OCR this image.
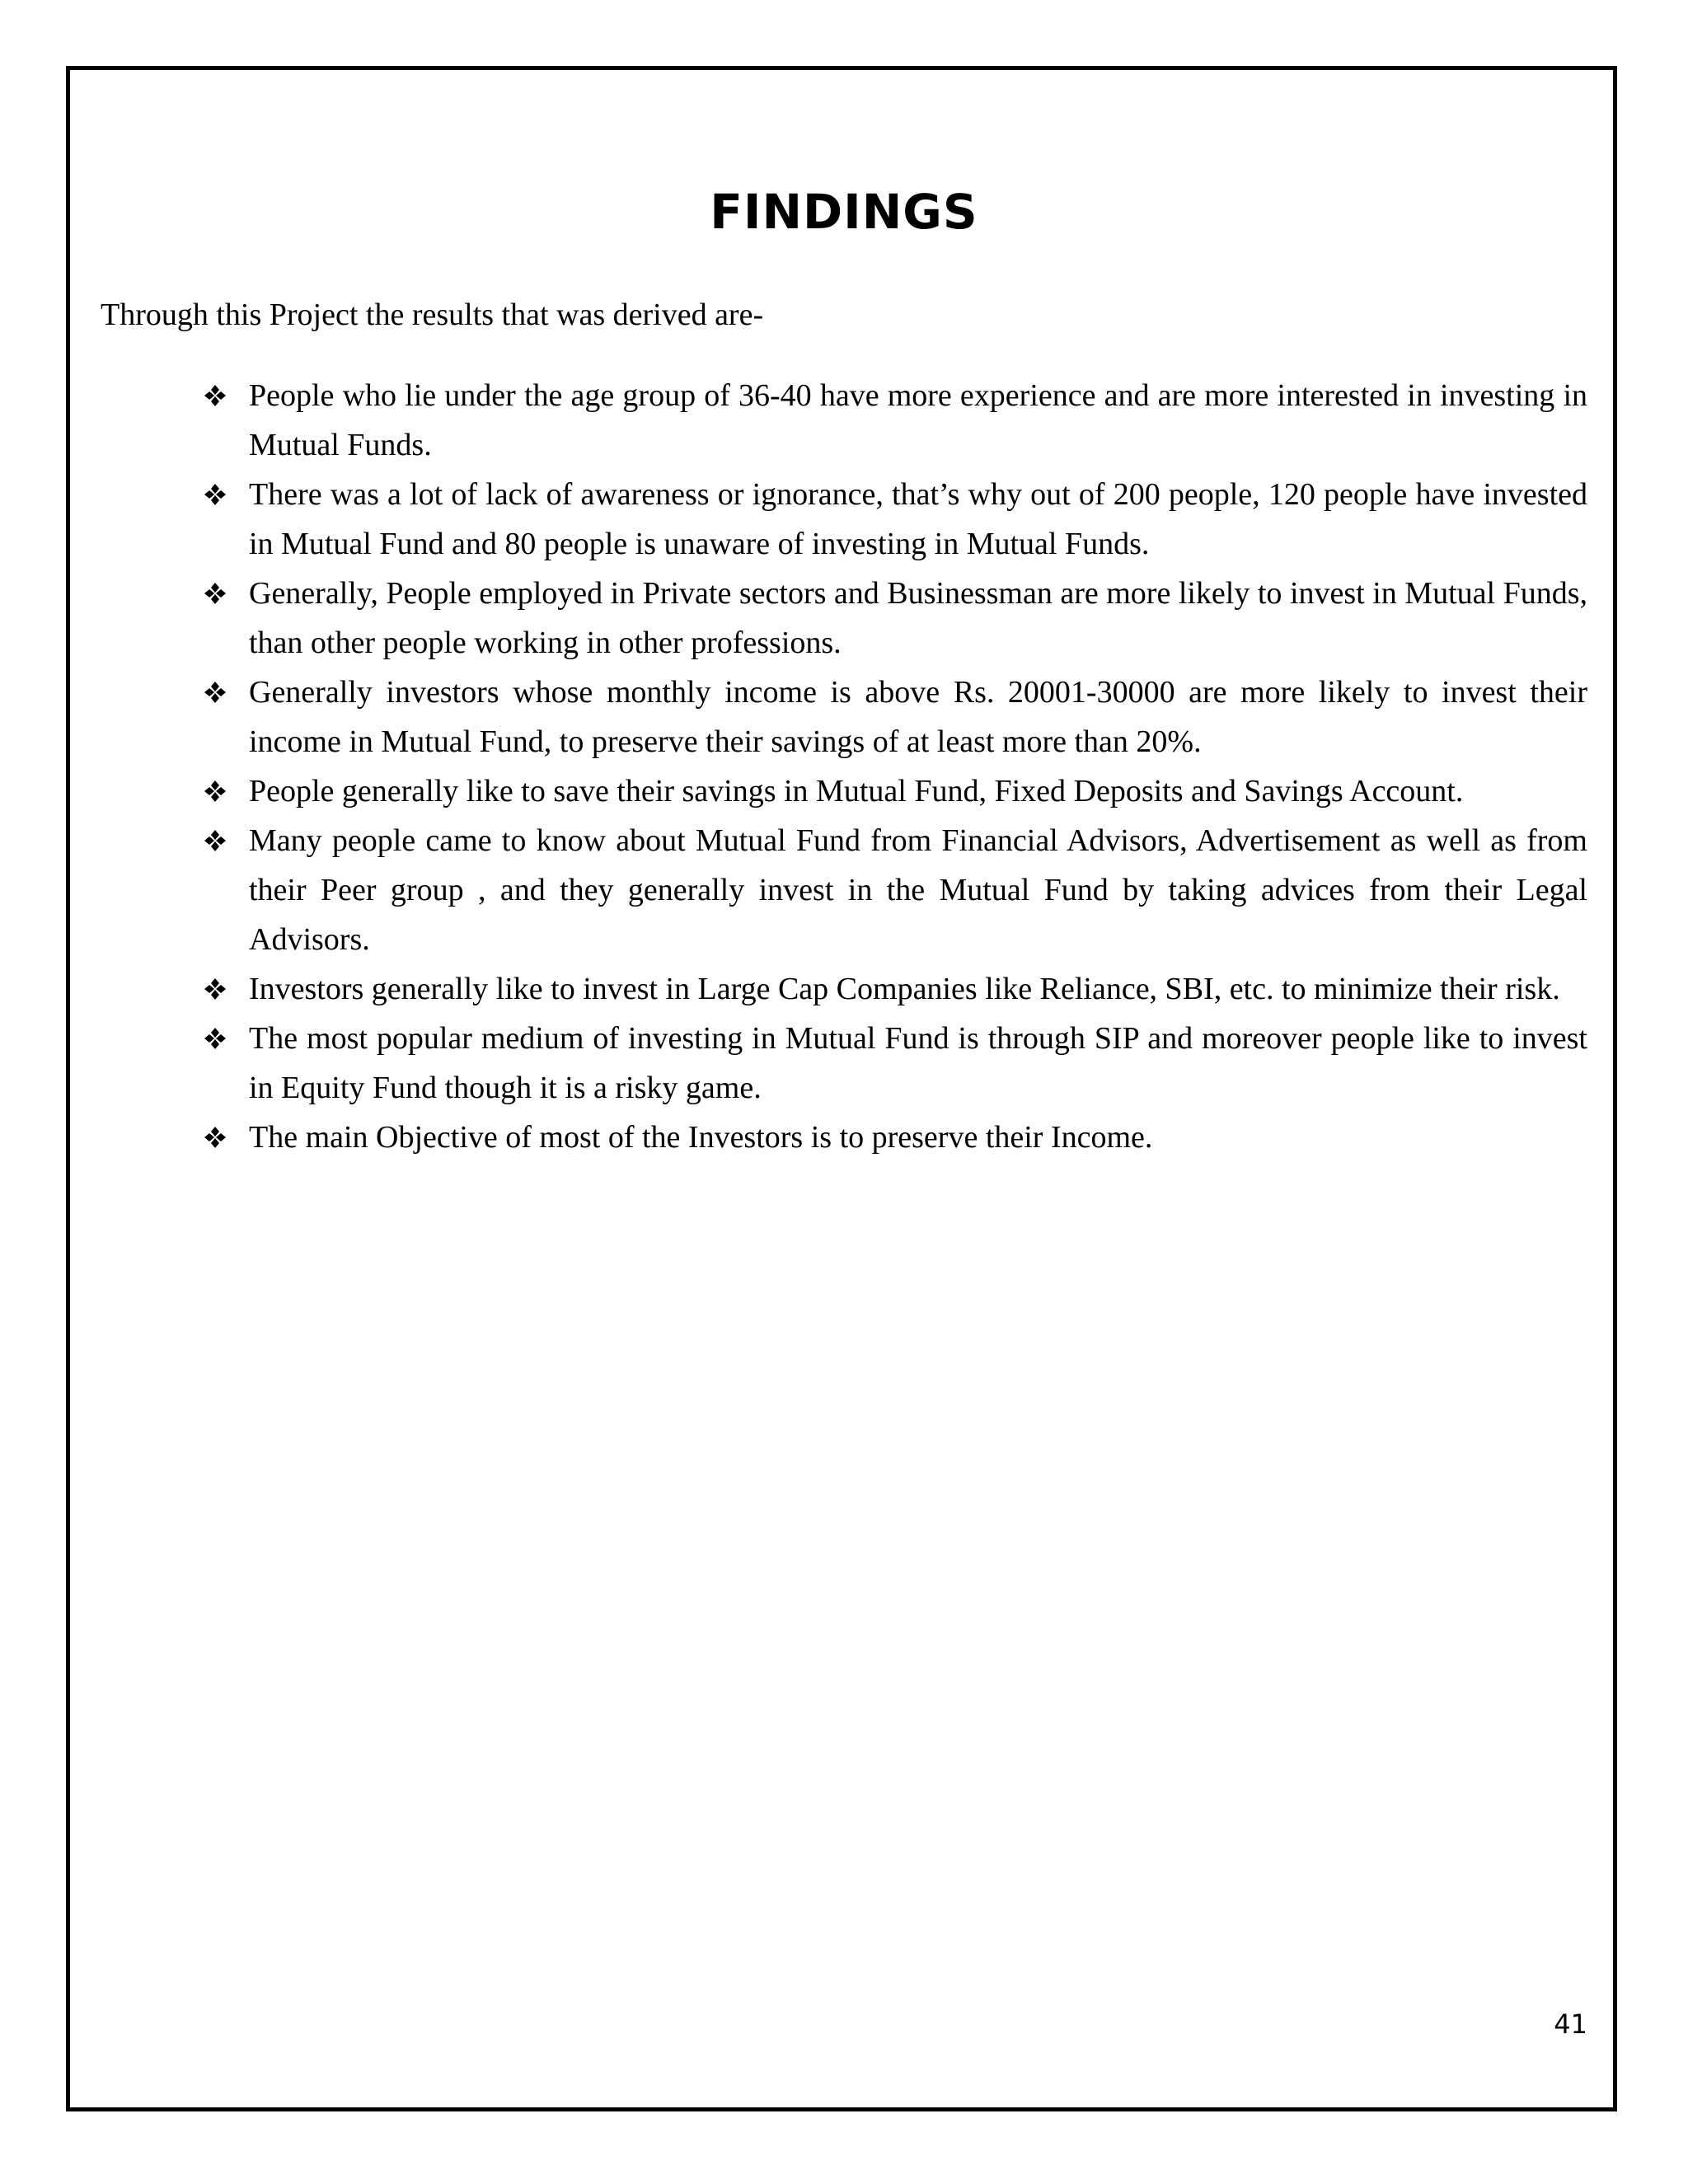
FINDINGS

Through this Project the results that was derived are-

People who lie under the age group of 36-40 have more experience and are more interested in investing in Mutual Funds.
There was a lot of lack of awareness or ignorance, that’s why out of 200 people, 120 people have invested in Mutual Fund and 80 people is unaware of investing in Mutual Funds.
Generally, People employed in Private sectors and Businessman are more likely to invest in Mutual Funds, than other people working in other professions.
Generally investors whose monthly income is above Rs. 20001-30000 are more likely to invest their income in Mutual Fund, to preserve their savings of at least more than 20%.
People generally like to save their savings in Mutual Fund, Fixed Deposits and Savings Account.
Many people came to know about Mutual Fund from Financial Advisors, Advertisement as well as from their Peer group , and they generally invest in the Mutual Fund by taking advices from their Legal Advisors.
Investors generally like to invest in Large Cap Companies like Reliance, SBI, etc. to minimize their risk.
The most popular medium of investing in Mutual Fund is through SIP and moreover people like to invest in Equity Fund though it is a risky game.
The main Objective of most of the Investors is to preserve their Income.
41
